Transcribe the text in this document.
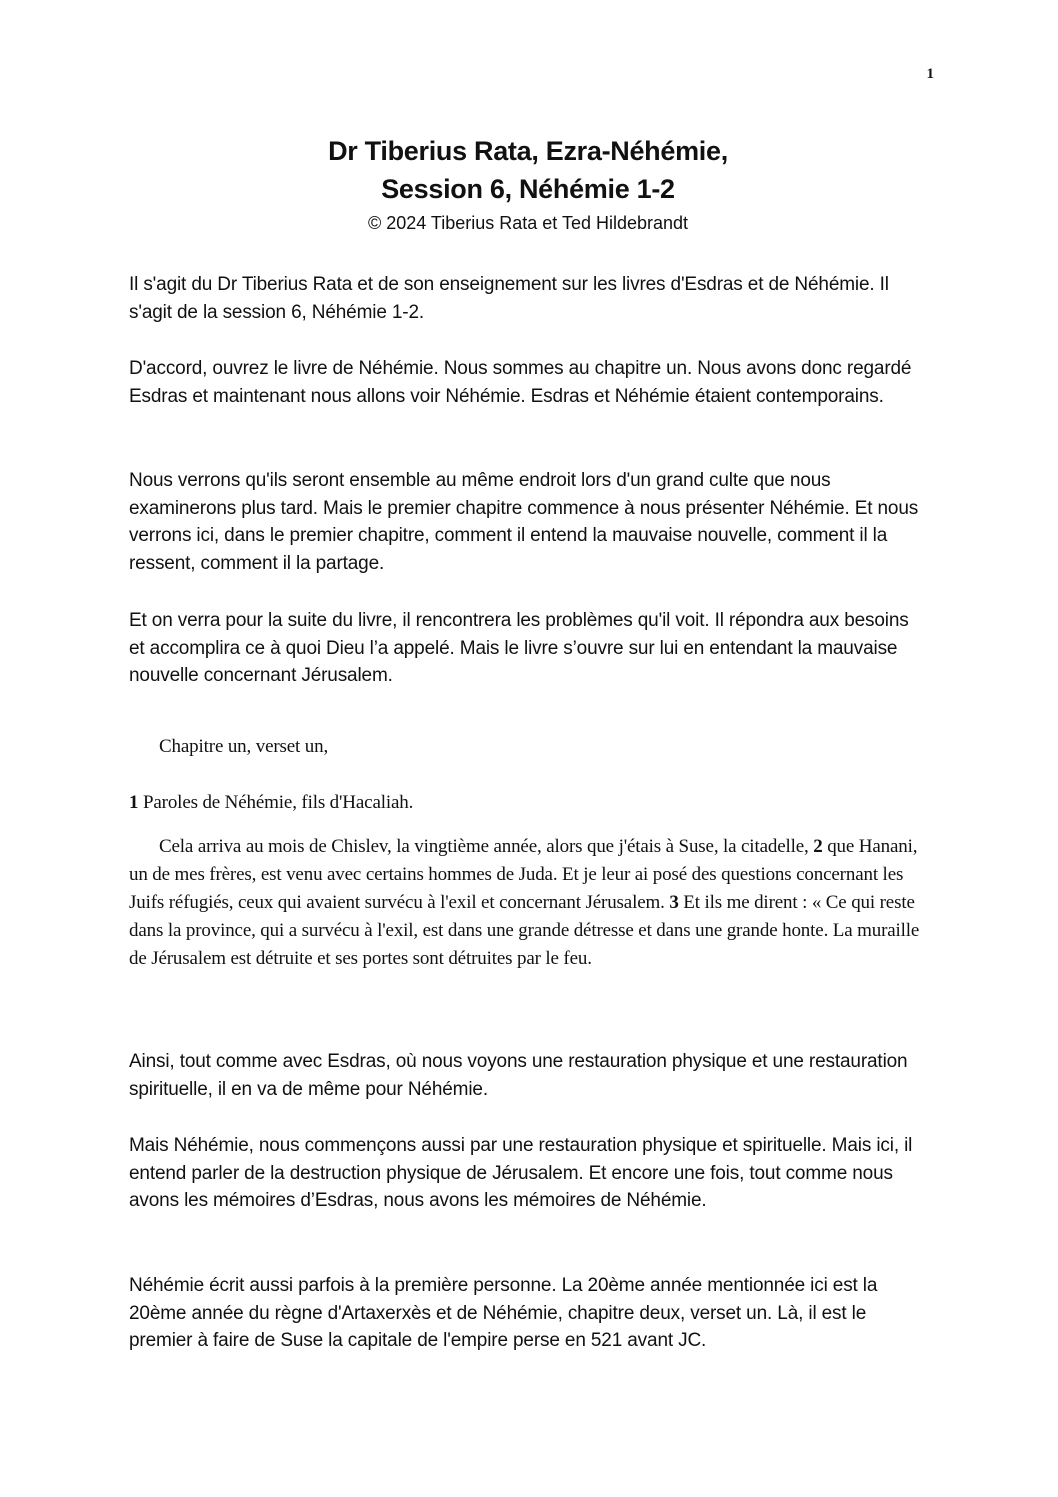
1

Dr Tiberius Rata, Ezra-Néhémie,

Session 6, Néhémie 1-2

© 2024 Tiberius Rata et Ted Hildebrandt

Il s'agit du Dr Tiberius Rata et de son enseignement sur les livres d'Esdras et de Néhémie. Il s'agit de la session 6, Néhémie 1-2.

D'accord, ouvrez le livre de Néhémie. Nous sommes au chapitre un. Nous avons donc regardé Esdras et maintenant nous allons voir Néhémie. Esdras et Néhémie étaient contemporains.

Nous verrons qu'ils seront ensemble au même endroit lors d'un grand culte que nous examinerons plus tard. Mais le premier chapitre commence à nous présenter Néhémie. Et nous verrons ici, dans le premier chapitre, comment il entend la mauvaise nouvelle, comment il la ressent, comment il la partage.

Et on verra pour la suite du livre, il rencontrera les problèmes qu'il voit. Il répondra aux besoins et accomplira ce à quoi Dieu l’a appelé. Mais le livre s’ouvre sur lui en entendant la mauvaise nouvelle concernant Jérusalem.

Chapitre un, verset un,

1 Paroles de Néhémie, fils d'Hacaliah.

Cela arriva au mois de Chislev, la vingtième année, alors que j'étais à Suse, la citadelle, 2 que Hanani, un de mes frères, est venu avec certains hommes de Juda. Et je leur ai posé des questions concernant les Juifs réfugiés, ceux qui avaient survécu à l'exil et concernant Jérusalem. 3 Et ils me dirent : « Ce qui reste dans la province, qui a survécu à l'exil, est dans une grande détresse et dans une grande honte. La muraille de Jérusalem est détruite et ses portes sont détruites par le feu.

Ainsi, tout comme avec Esdras, où nous voyons une restauration physique et une restauration spirituelle, il en va de même pour Néhémie.

Mais Néhémie, nous commençons aussi par une restauration physique et spirituelle. Mais ici, il entend parler de la destruction physique de Jérusalem. Et encore une fois, tout comme nous avons les mémoires d’Esdras, nous avons les mémoires de Néhémie.

Néhémie écrit aussi parfois à la première personne. La 20ème année mentionnée ici est la 20ème année du règne d'Artaxerxès et de Néhémie, chapitre deux, verset un. Là, il est le premier à faire de Suse la capitale de l'empire perse en 521 avant JC.
